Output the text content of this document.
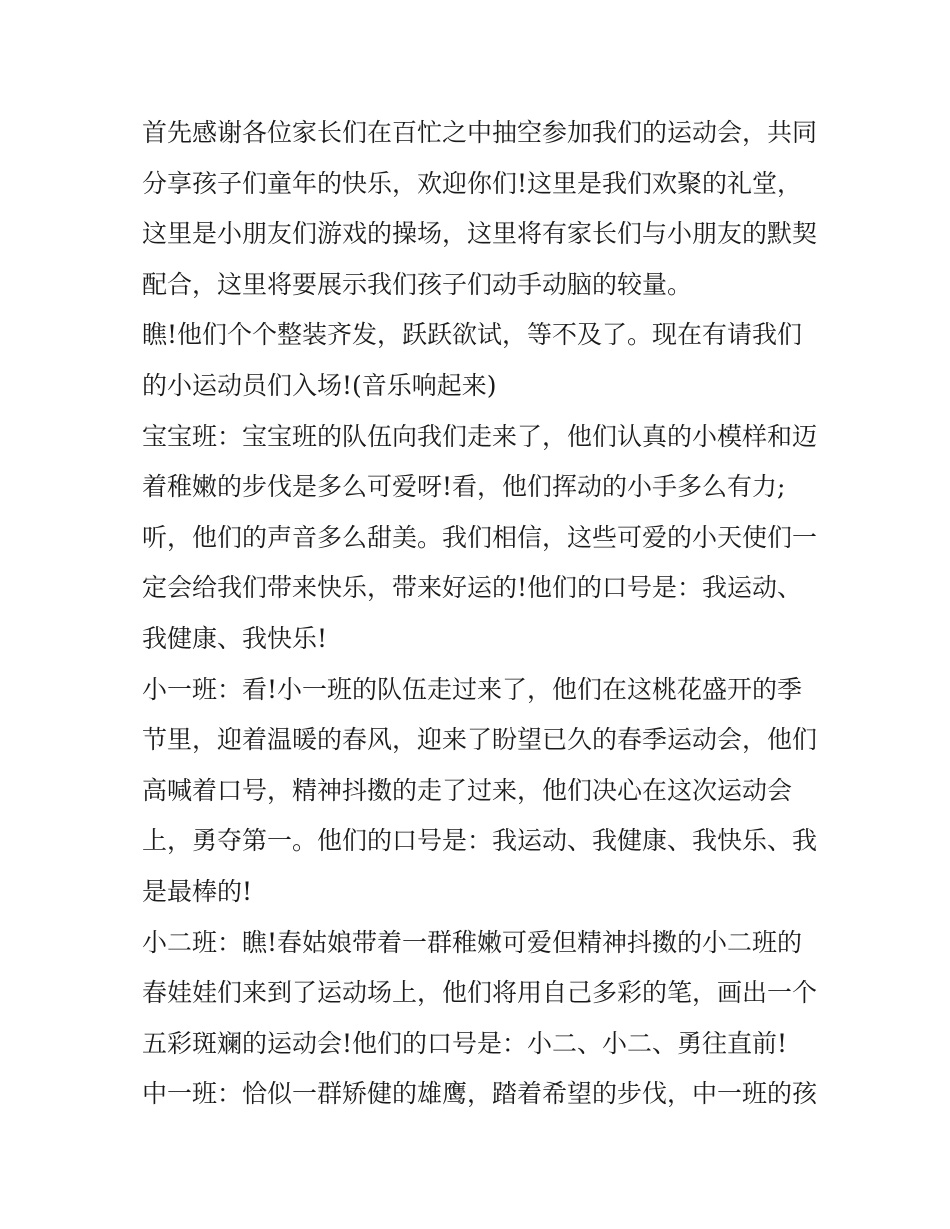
首先感谢各位家长们在百忙之中抽空参加我们的运动会，共同
分享孩子们童年的快乐，欢迎你们!这里是我们欢聚的礼堂，
这里是小朋友们游戏的操场，这里将有家长们与小朋友的默契
配合，这里将要展示我们孩子们动手动脑的较量。
瞧!他们个个整装齐发，跃跃欲试，等不及了。现在有请我们
的小运动员们入场!(音乐响起来)
宝宝班：宝宝班的队伍向我们走来了，他们认真的小模样和迈
着稚嫩的步伐是多么可爱呀!看，他们挥动的小手多么有力;
听，他们的声音多么甜美。我们相信，这些可爱的小天使们一
定会给我们带来快乐，带来好运的!他们的口号是：我运动、
我健康、我快乐!
小一班：看!小一班的队伍走过来了，他们在这桃花盛开的季
节里，迎着温暖的春风，迎来了盼望已久的春季运动会，他们
高喊着口号，精神抖擞的走了过来，他们决心在这次运动会
上，勇夺第一。他们的口号是：我运动、我健康、我快乐、我
是最棒的!
小二班：瞧!春姑娘带着一群稚嫩可爱但精神抖擞的小二班的
春娃娃们来到了运动场上，他们将用自己多彩的笔，画出一个
五彩斑斓的运动会!他们的口号是：小二、小二、勇往直前!
中一班：恰似一群矫健的雄鹰，踏着希望的步伐，中一班的孩
